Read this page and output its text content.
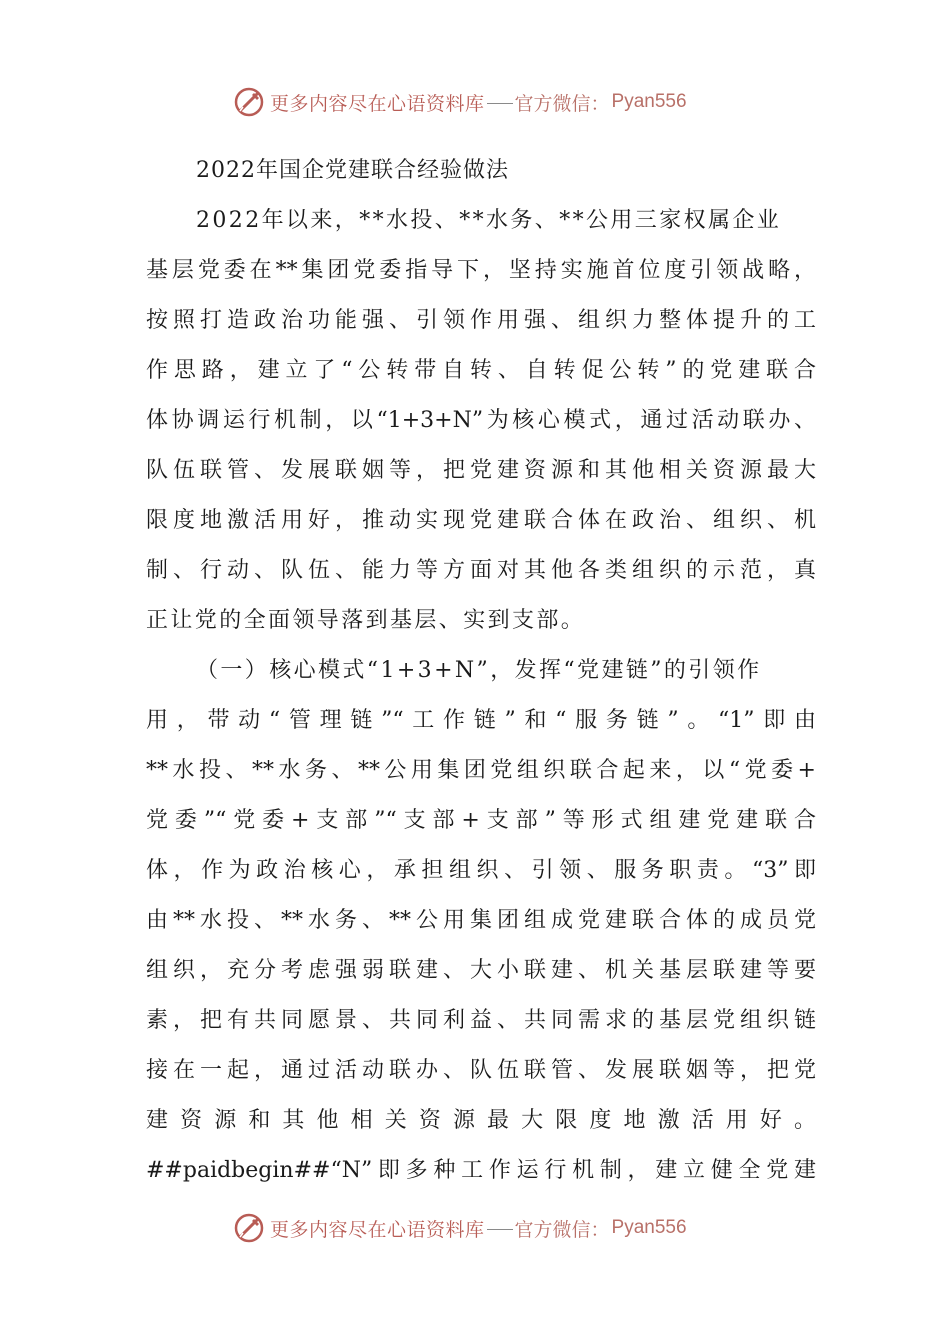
更多内容尽在心语资料库 官方微信： Pyan556
2022年国企党建联合经验做法
2022年以来，**水投、**水务、**公用三家权属企业
基层党委在**集团党委指导下，坚持实施首位度引领战略，
按照打造政治功能强、引领作用强、组织力整体提升的工
作思路，建立了“公转带自转、自转促公转”的党建联合
体协调运行机制，以“1+3+N”为核心模式，通过活动联办、
队伍联管、发展联姻等，把党建资源和其他相关资源最大
限度地激活用好，推动实现党建联合体在政治、组织、机
制、行动、队伍、能力等方面对其他各类组织的示范，真
正让党的全面领导落到基层、实到支部。
（一）核心模式“1+3+N”，发挥“党建链”的引领作
用，带动“管理链”“工作链”和“服务链”。“1”即由
**水投、**水务、**公用集团党组织联合起来，以“党委+
党委”“党委+支部”“支部+支部”等形式组建党建联合
体，作为政治核心，承担组织、引领、服务职责。“3”即
由**水投、**水务、**公用集团组成党建联合体的成员党
组织，充分考虑强弱联建、大小联建、机关基层联建等要
素，把有共同愿景、共同利益、共同需求的基层党组织链
接在一起，通过活动联办、队伍联管、发展联姻等，把党
建资源和其他相关资源最大限度地激活用好。
##paidbegin##“N”即多种工作运行机制，建立健全党建
更多内容尽在心语资料库 官方微信： Pyan556
